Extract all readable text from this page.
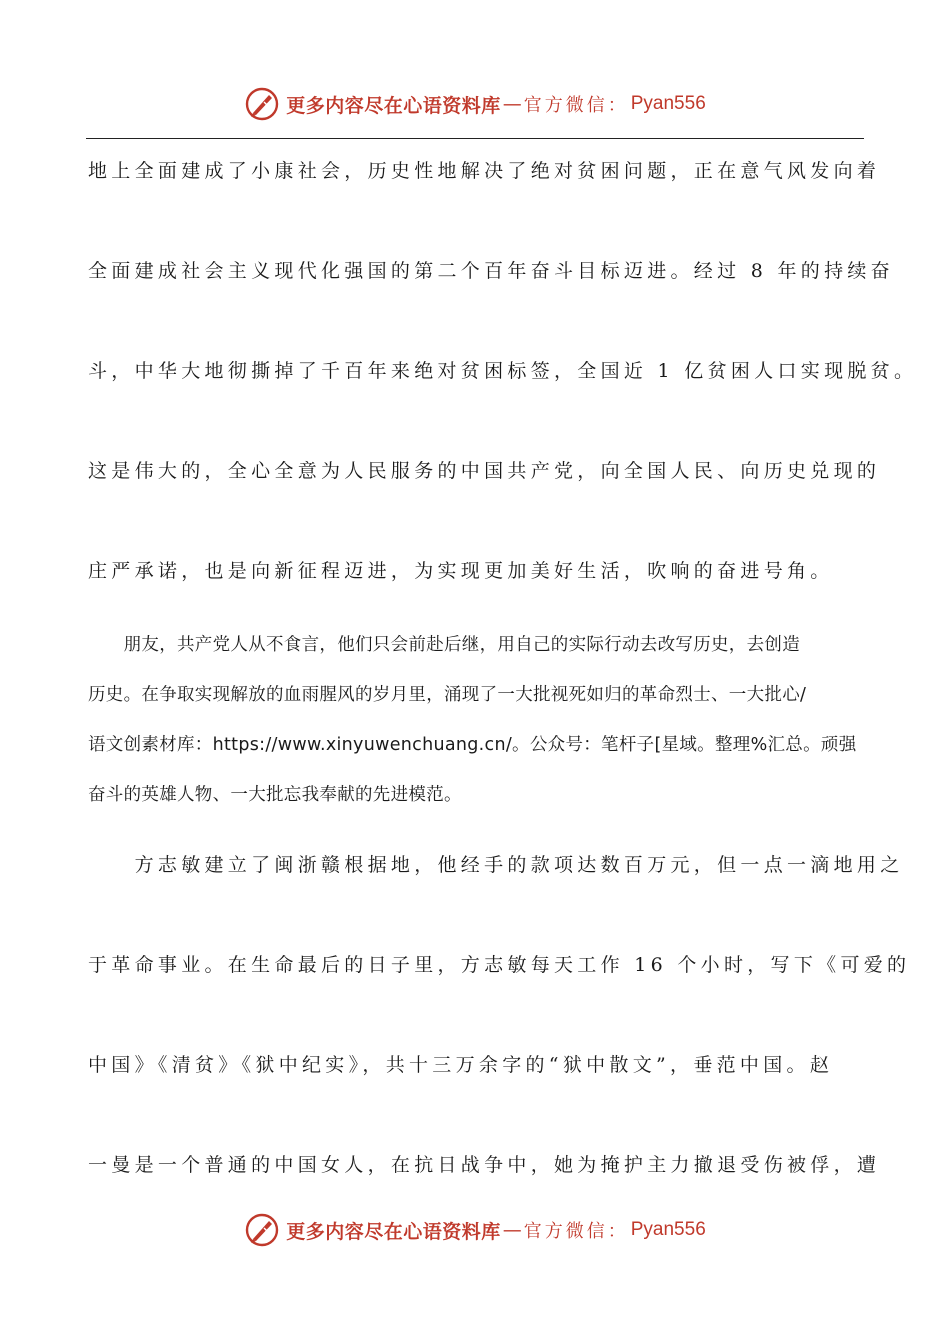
更多内容尽在心语资料库 — 官方微信： Pyan556
地上全面建成了小康社会，历史性地解决了绝对贫困问题，正在意气风发向着
全面建成社会主义现代化强国的第二个百年奋斗目标迈进。经过 8 年的持续奋
斗，中华大地彻撕掉了千百年来绝对贫困标签，全国近 1 亿贫困人口实现脱贫。
这是伟大的，全心全意为人民服务的中国共产党，向全国人民、向历史兑现的
庄严承诺，也是向新征程迈进，为实现更加美好生活，吹响的奋进号角。
　　朋友，共产党人从不食言，他们只会前赴后继，用自己的实际行动去改写历史，去创造
历史。在争取实现解放的血雨腥风的岁月里，涌现了一大批视死如归的革命烈士、一大批心/
语文创素材库：https://www.xinyuwenchuang.cn/。公众号：笔杆子[星域。整理%汇总。顽强
奋斗的英雄人物、一大批忘我奉献的先进模范。
　　方志敏建立了闽浙赣根据地，他经手的款项达数百万元，但一点一滴地用之
于革命事业。在生命最后的日子里，方志敏每天工作 16 个小时，写下《可爱的
中国》《清贫》《狱中纪实》，共十三万余字的“狱中散文”，垂范中国。赵
一曼是一个普通的中国女人，在抗日战争中，她为掩护主力撤退受伤被俘，遭
更多内容尽在心语资料库 — 官方微信： Pyan556
